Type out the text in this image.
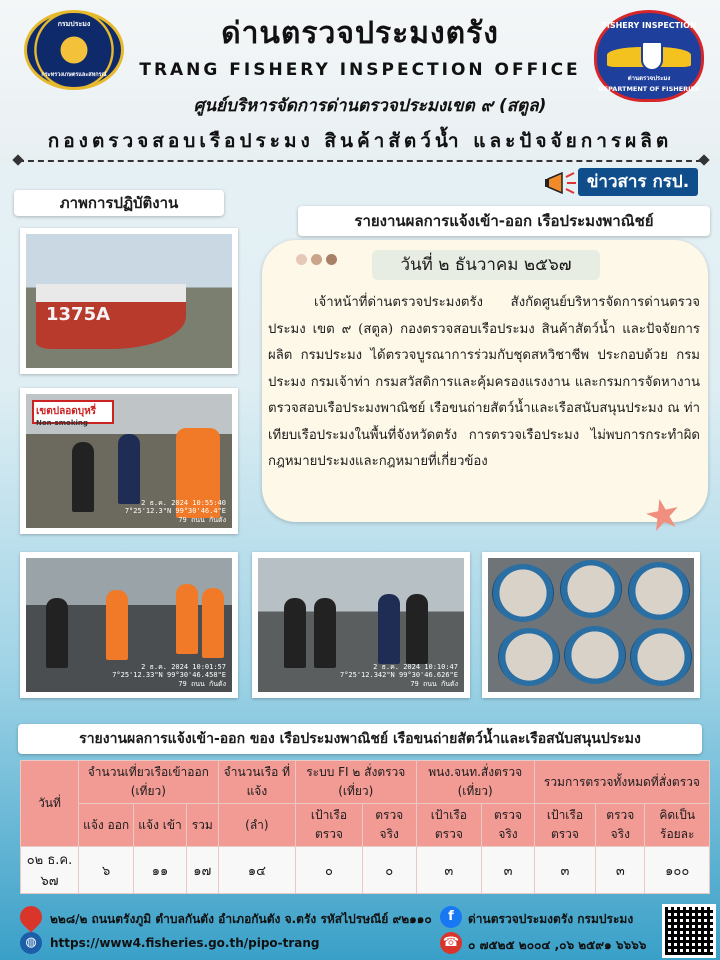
กรมประมง
กระทรวงเกษตรและสหกรณ์
FISHERY INSPECTION
ด่านตรวจประมง
DEPARTMENT OF FISHERIES
ด่านตรวจประมงตรัง
TRANG FISHERY INSPECTION OFFICE
ศูนย์บริหารจัดการด่านตรวจประมงเขต ๙ (สตูล)
กองตรวจสอบเรือประมง สินค้าสัตว์น้ำ และปัจจัยการผลิต
ข่าวสาร กรป.
ภาพการปฏิบัติงาน
รายงานผลการแจ้งเข้า-ออก เรือประมงพาณิชย์
1375A
เขตปลอดบุหรี่
Non-smoking
2 ธ.ค. 2024 10:55:40
7°25'12.3"N 99°30'46.4"E
79 ถนน กันตัง
2 ธ.ค. 2024 10:01:57
7°25'12.33"N 99°30'46.458"E
79 ถนน กันตัง
2 ธ.ค. 2024 10:10:47
7°25'12.342"N 99°30'46.626"E
79 ถนน กันตัง
วันที่ ๒ ธันวาคม ๒๕๖๗
เจ้าหน้าที่ด่านตรวจประมงตรัง สังกัดศูนย์บริหารจัดการด่านตรวจประมง เขต ๙ (สตูล) กองตรวจสอบเรือประมง สินค้าสัตว์น้ำ และปัจจัยการผลิต กรมประมง ได้ตรวจบูรณาการร่วมกับชุดสหวิชาชีพ ประกอบด้วย กรมประมง กรมเจ้าท่า กรมสวัสดิการและคุ้มครองแรงงาน และกรมการจัดหางาน ตรวจสอบเรือประมงพาณิชย์ เรือขนถ่ายสัตว์น้ำและเรือสนับสนุนประมง ณ ท่าเทียบเรือประมงในพื้นที่จังหวัดตรัง การตรวจเรือประมง ไม่พบการกระทำผิดกฎหมายประมงและกฎหมายที่เกี่ยวข้อง
★
รายงานผลการแจ้งเข้า-ออก ของ เรือประมงพาณิชย์ เรือขนถ่ายสัตว์น้ำและเรือสนับสนุนประมง
วันที่	จำนวนเที่ยวเรือเข้าออก (เที่ยว)			จำนวนเรือ ที่แจ้ง	ระบบ FI ๒ สั่งตรวจ (เที่ยว)		พนง.จนท.สั่งตรวจ (เที่ยว)		รวมการตรวจทั้งหมดที่สั่งตรวจ		
	แจ้ง ออก	แจ้ง เข้า	รวม	(ลำ)	เป้าเรือ ตรวจ	ตรวจ จริง	เป้าเรือ ตรวจ	ตรวจ จริง	เป้าเรือ ตรวจ	ตรวจ จริง	คิดเป็น ร้อยละ
๐๒ ธ.ค. ๖๗	๖	๑๑	๑๗	๑๔	๐	๐	๓	๓	๓	๓	๑๐๐
๒๒๘/๒ ถนนตรังภูมิ ตำบลกันตัง อำเภอกันตัง จ.ตรัง รหัสไปรษณีย์ ๙๒๑๑๐
◍	https://www4.fisheries.go.th/pipo-trang
f	ด่านตรวจประมงตรัง กรมประมง
☎ ๐ ๗๕๒๕ ๒๐๐๔ ,๐๖ ๒๕๙๑ ๖๖๖๖
